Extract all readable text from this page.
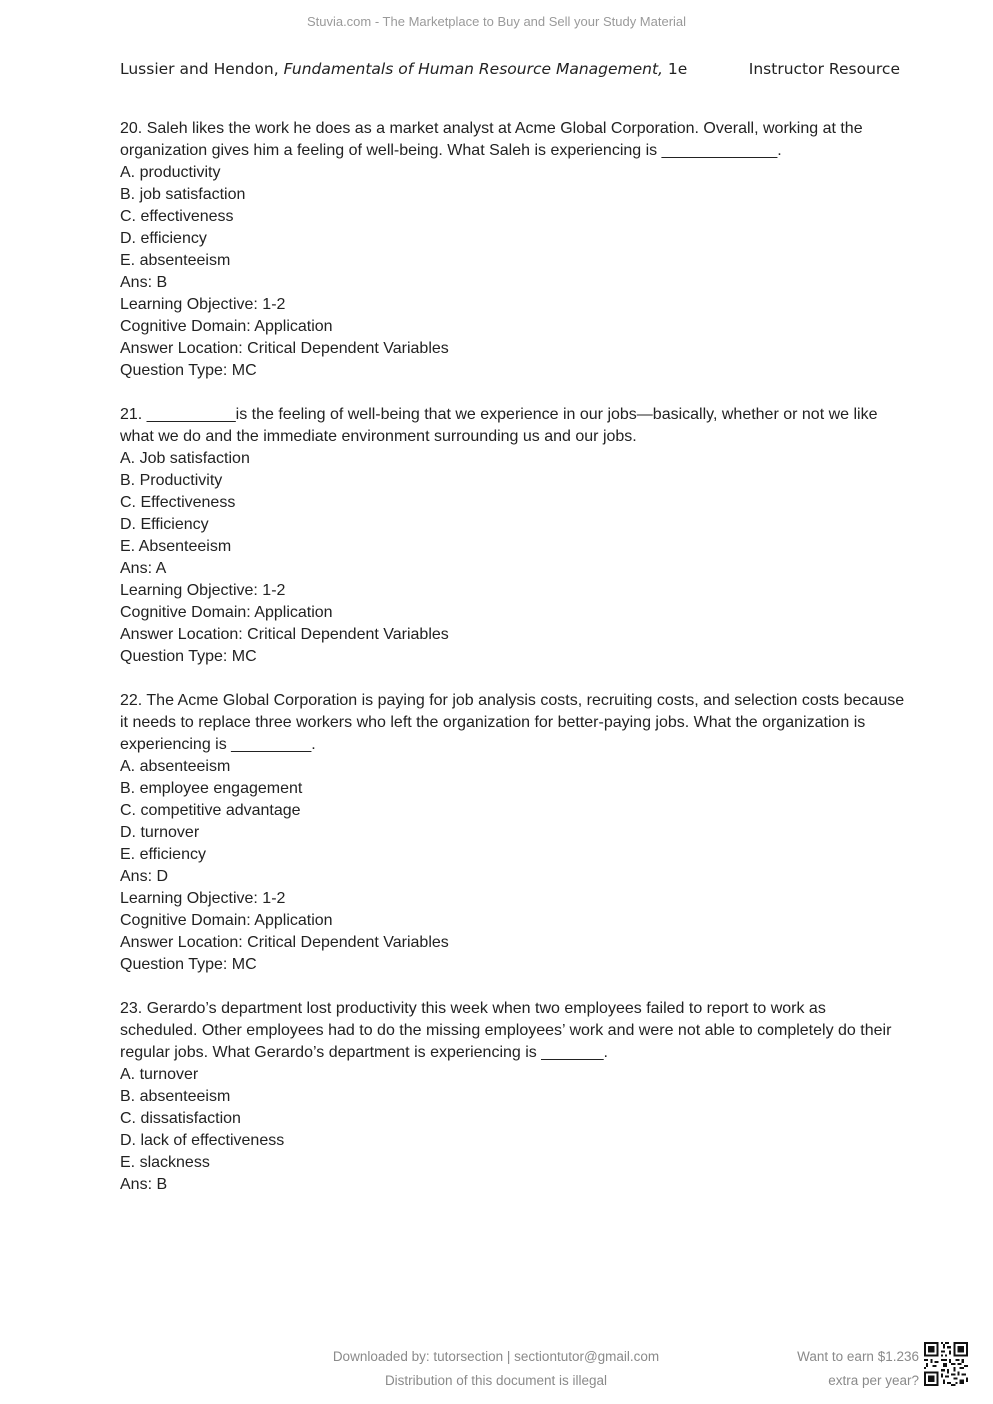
Stuvia.com - The Marketplace to Buy and Sell your Study Material
Lussier and Hendon, Fundamentals of Human Resource Management, 1e	Instructor Resource

20. Saleh likes the work he does as a market analyst at Acme Global Corporation. Overall, working at the organization gives him a feeling of well-being. What Saleh is experiencing is _____________.

A. productivity

B. job satisfaction

C. effectiveness

D. efficiency

E. absenteeism

Ans: B

Learning Objective: 1-2

Cognitive Domain: Application

Answer Location: Critical Dependent Variables

Question Type: MC

21. __________is the feeling of well-being that we experience in our jobs—basically, whether or not we like what we do and the immediate environment surrounding us and our jobs.

A. Job satisfaction

B. Productivity

C. Effectiveness

D. Efficiency

E. Absenteeism

Ans: A

Learning Objective: 1-2

Cognitive Domain: Application

Answer Location: Critical Dependent Variables

Question Type: MC

22. The Acme Global Corporation is paying for job analysis costs, recruiting costs, and selection costs because it needs to replace three workers who left the organization for better-paying jobs. What the organization is experiencing is _________.

A. absenteeism

B. employee engagement

C. competitive advantage

D. turnover

E. efficiency

Ans: D

Learning Objective: 1-2

Cognitive Domain: Application

Answer Location: Critical Dependent Variables

Question Type: MC

23. Gerardo’s department lost productivity this week when two employees failed to report to work as scheduled. Other employees had to do the missing employees’ work and were not able to completely do their regular jobs. What Gerardo’s department is experiencing is _______.

A. turnover

B. absenteeism

C. dissatisfaction

D. lack of effectiveness

E. slackness

Ans: B

Downloaded by: tutorsection | sectiontutor@gmail.com
Distribution of this document is illegal
Want to earn $1.236
extra per year?
